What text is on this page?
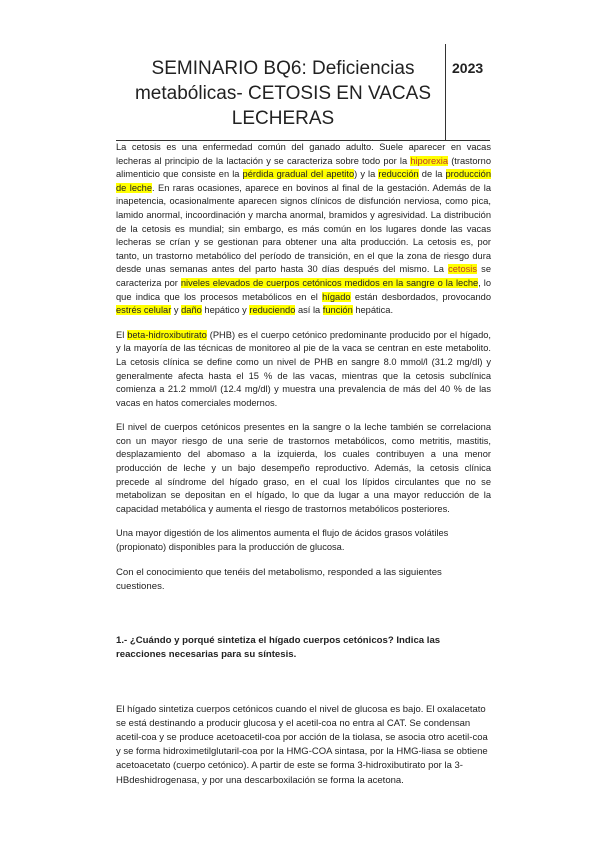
SEMINARIO BQ6: Deficiencias
metabólicas- CETOSIS EN VACAS
LECHERAS
2023

La cetosis es una enfermedad común del ganado adulto. Suele aparecer en vacas lecheras al principio de la lactación y se caracteriza sobre todo por la hiporexia (trastorno alimenticio que consiste en la pérdida gradual del apetito) y la reducción de la producción de leche. En raras ocasiones, aparece en bovinos al final de la gestación. Además de la inapetencia, ocasionalmente aparecen signos clínicos de disfunción nerviosa, como pica, lamido anormal, incoordinación y marcha anormal, bramidos y agresividad. La distribución de la cetosis es mundial; sin embargo, es más común en los lugares donde las vacas lecheras se crían y se gestionan para obtener una alta producción. La cetosis es, por tanto, un trastorno metabólico del período de transición, en el que la zona de riesgo dura desde unas semanas antes del parto hasta 30 días después del mismo. La cetosis se caracteriza por niveles elevados de cuerpos cetónicos medidos en la sangre o la leche, lo que indica que los procesos metabólicos en el hígado están desbordados, provocando estrés celular y daño hepático y reduciendo así la función hepática.

El beta-hidroxibutirato (PHB) es el cuerpo cetónico predominante producido por el hígado, y la mayoría de las técnicas de monitoreo al pie de la vaca se centran en este metabolito. La cetosis clínica se define como un nivel de PHB en sangre 8.0 mmol/l (31.2 mg/dl) y generalmente afecta hasta el 15 % de las vacas, mientras que la cetosis subclínica comienza a 21.2 mmol/l (12.4 mg/dl) y muestra una prevalencia de más del 40 % de las vacas en hatos comerciales modernos.

El nivel de cuerpos cetónicos presentes en la sangre o la leche también se correlaciona con un mayor riesgo de una serie de trastornos metabólicos, como metritis, mastitis, desplazamiento del abomaso a la izquierda, los cuales contribuyen a una menor producción de leche y un bajo desempeño reproductivo. Además, la cetosis clínica precede al síndrome del hígado graso, en el cual los lípidos circulantes que no se metabolizan se depositan en el hígado, lo que da lugar a una mayor reducción de la capacidad metabólica y aumenta el riesgo de trastornos metabólicos posteriores.

Una mayor digestión de los alimentos aumenta el flujo de ácidos grasos volátiles (propionato) disponibles para la producción de glucosa.

Con el conocimiento que tenéis del metabolismo, responded a las siguientes cuestiones.

1.- ¿Cuándo y porqué sintetiza el hígado cuerpos cetónicos? Indica las reacciones necesarias para su síntesis.

El hígado sintetiza cuerpos cetónicos cuando el nivel de glucosa es bajo. El oxalacetato se está destinando a producir glucosa y el acetil-coa no entra al CAT. Se condensan acetil-coa y se produce acetoacetil-coa por acción de la tiolasa, se asocia otro acetil-coa y se forma hidroximetilglutaril-coa por la HMG-COA sintasa, por la HMG-liasa se obtiene acetoacetato (cuerpo cetónico). A partir de este se forma 3-hidroxibutirato por la 3-HBdeshidrogenasa, y por una descarboxilación se forma la acetona.
